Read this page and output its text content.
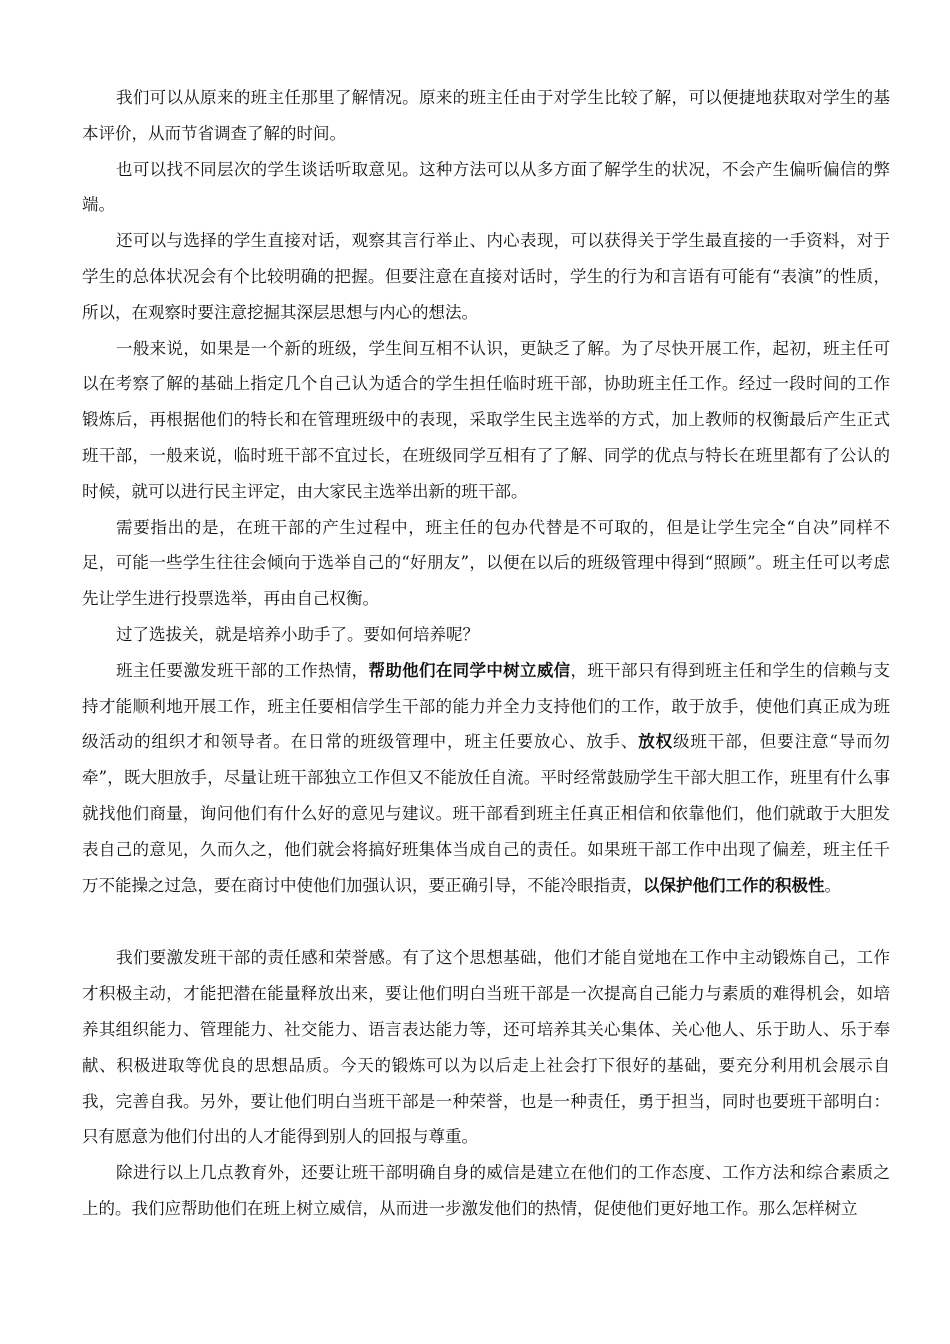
我们可以从原来的班主任那里了解情况。原来的班主任由于对学生比较了解，可以便捷地获取对学生的基本评价，从而节省调查了解的时间。

也可以找不同层次的学生谈话听取意见。这种方法可以从多方面了解学生的状况，不会产生偏听偏信的弊端。

还可以与选择的学生直接对话，观察其言行举止、内心表现，可以获得关于学生最直接的一手资料，对于学生的总体状况会有个比较明确的把握。但要注意在直接对话时，学生的行为和言语有可能有“表演”的性质，所以，在观察时要注意挖掘其深层思想与内心的想法。

一般来说，如果是一个新的班级，学生间互相不认识，更缺乏了解。为了尽快开展工作，起初，班主任可以在考察了解的基础上指定几个自己认为适合的学生担任临时班干部，协助班主任工作。经过一段时间的工作锻炼后，再根据他们的特长和在管理班级中的表现，采取学生民主选举的方式，加上教师的权衡最后产生正式班干部，一般来说，临时班干部不宜过长，在班级同学互相有了了解、同学的优点与特长在班里都有了公认的时候，就可以进行民主评定，由大家民主选举出新的班干部。

需要指出的是，在班干部的产生过程中，班主任的包办代替是不可取的，但是让学生完全“自决”同样不足，可能一些学生往往会倾向于选举自己的“好朋友”，以便在以后的班级管理中得到“照顾”。班主任可以考虑先让学生进行投票选举，再由自己权衡。

过了选拔关，就是培养小助手了。要如何培养呢？

班主任要激发班干部的工作热情，帮助他们在同学中树立威信，班干部只有得到班主任和学生的信赖与支持才能顺利地开展工作，班主任要相信学生干部的能力并全力支持他们的工作，敢于放手，使他们真正成为班级活动的组织才和领导者。在日常的班级管理中，班主任要放心、放手、放权级班干部，但要注意“导而勿牵”，既大胆放手，尽量让班干部独立工作但又不能放任自流。平时经常鼓励学生干部大胆工作，班里有什么事就找他们商量，询问他们有什么好的意见与建议。班干部看到班主任真正相信和依靠他们，他们就敢于大胆发表自己的意见，久而久之，他们就会将搞好班集体当成自己的责任。如果班干部工作中出现了偏差，班主任千万不能操之过急，要在商讨中使他们加强认识，要正确引导，不能冷眼指责，以保护他们工作的积极性。

我们要激发班干部的责任感和荣誉感。有了这个思想基础，他们才能自觉地在工作中主动锻炼自己，工作才积极主动，才能把潜在能量释放出来，要让他们明白当班干部是一次提高自己能力与素质的难得机会，如培养其组织能力、管理能力、社交能力、语言表达能力等，还可培养其关心集体、关心他人、乐于助人、乐于奉献、积极进取等优良的思想品质。今天的锻炼可以为以后走上社会打下很好的基础，要充分利用机会展示自我，完善自我。另外，要让他们明白当班干部是一种荣誉，也是一种责任，勇于担当，同时也要班干部明白：只有愿意为他们付出的人才能得到别人的回报与尊重。

除进行以上几点教育外，还要让班干部明确自身的威信是建立在他们的工作态度、工作方法和综合素质之上的。我们应帮助他们在班上树立威信，从而进一步激发他们的热情，促使他们更好地工作。那么怎样树立
